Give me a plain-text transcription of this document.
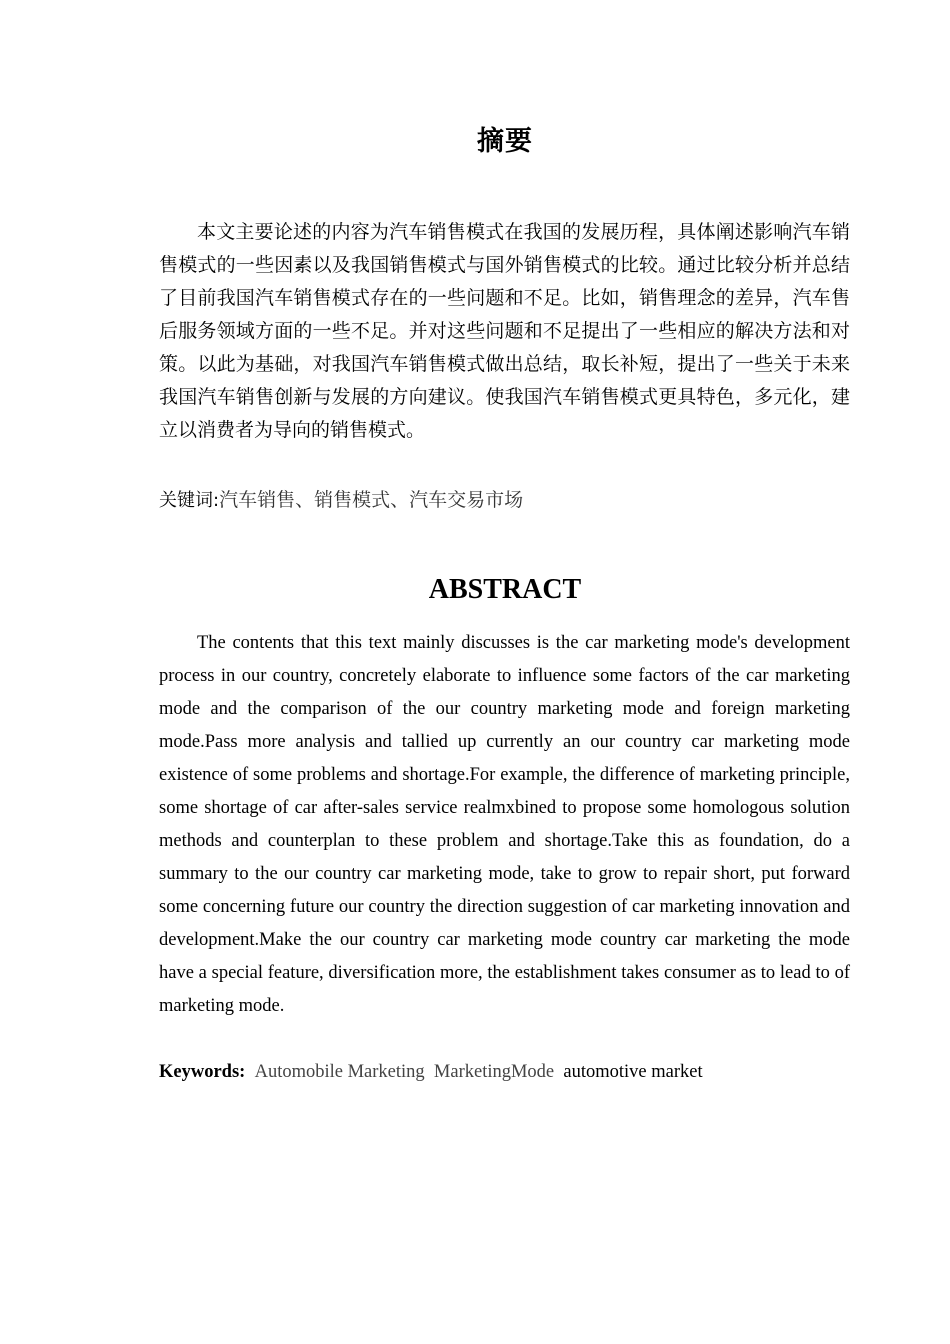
摘要

本文主要论述的内容为汽车销售模式在我国的发展历程，具体阐述影响汽车销售模式的一些因素以及我国销售模式与国外销售模式的比较。通过比较分析并总结了目前我国汽车销售模式存在的一些问题和不足。比如，销售理念的差异，汽车售后服务领域方面的一些不足。并对这些问题和不足提出了一些相应的解决方法和对策。以此为基础，对我国汽车销售模式做出总结，取长补短，提出了一些关于未来我国汽车销售创新与发展的方向建议。使我国汽车销售模式更具特色，多元化，建立以消费者为导向的销售模式。

关键词:汽车销售、销售模式、汽车交易市场

ABSTRACT

The contents that this text mainly discusses is the car marketing mode's development process in our country, concretely elaborate to influence some factors of the car marketing mode and the comparison of the our country marketing mode and foreign marketing mode.Pass more analysis and tallied up currently an our country car marketing mode existence of some problems and shortage.For example, the difference of marketing principle, some shortage of car after-sales service realmxbined to propose some homologous solution methods and counterplan to these problem and shortage.Take this as foundation, do a summary to the our country car marketing mode, take to grow to repair short, put forward some concerning future our country the direction suggestion of car marketing innovation and development.Make the our country car marketing mode country car marketing the mode have a special feature, diversification more, the establishment takes consumer as to lead to of marketing mode.

Keywords: Automobile Marketing MarketingMode automotive market
